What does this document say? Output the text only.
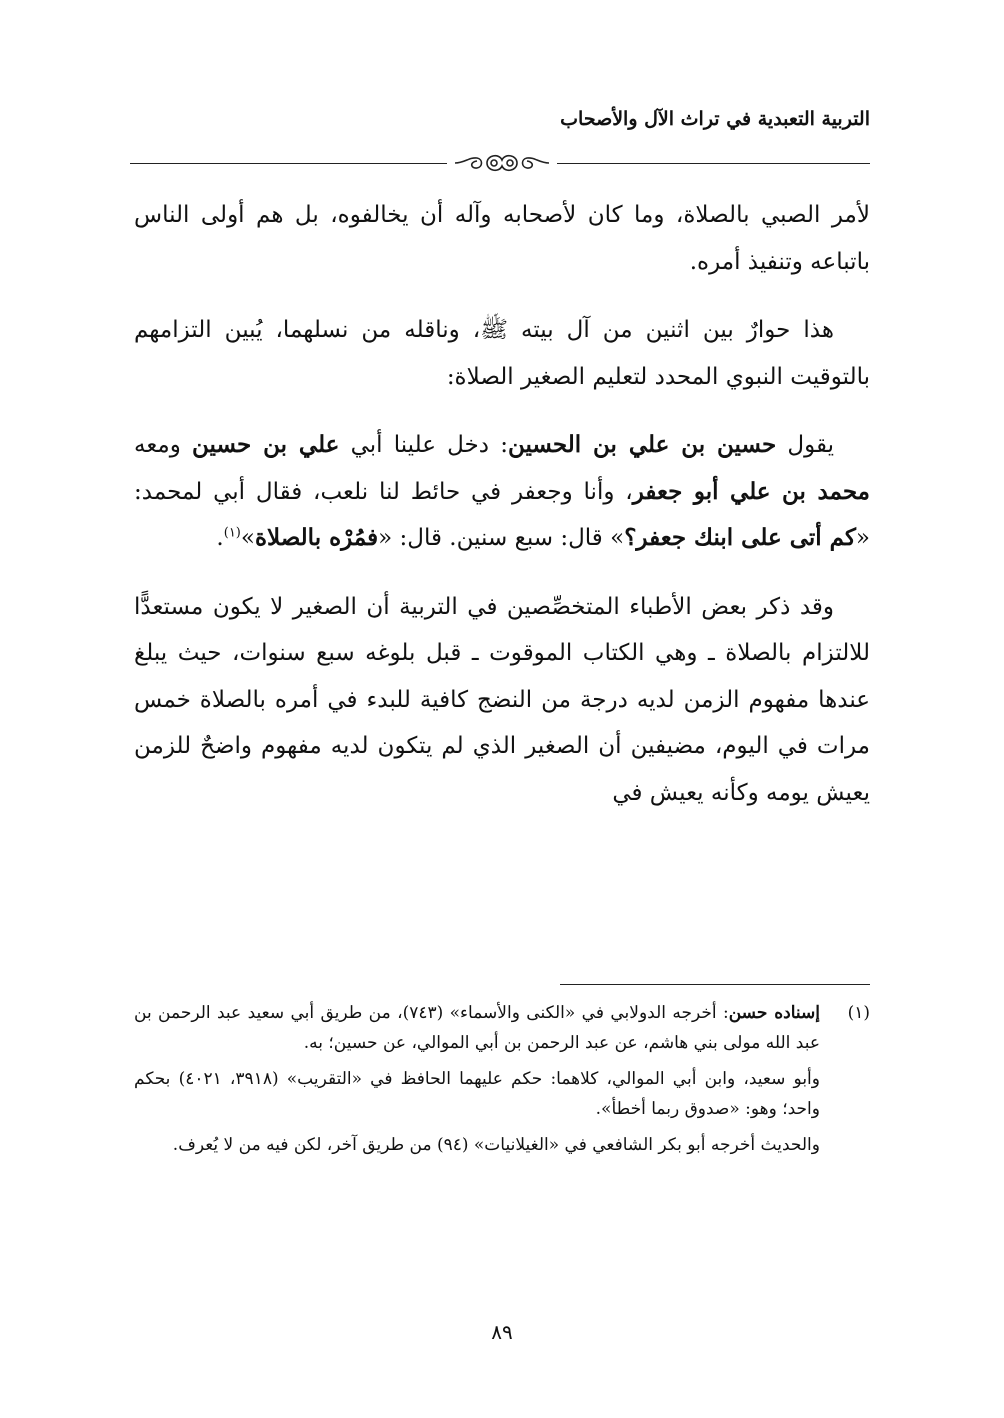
التربية التعبدية في تراث الآل والأصحاب

لأمر الصبي بالصلاة، وما كان لأصحابه وآله أن يخالفوه، بل هم أولى الناس باتباعه وتنفيذ أمره.

هذا حوارٌ بين اثنين من آل بيته ﷺ، وناقله من نسلهما، يُبين التزامهم بالتوقيت النبوي المحدد لتعليم الصغير الصلاة:

يقول حسين بن علي بن الحسين: دخل علينا أبي علي بن حسين ومعه محمد بن علي أبو جعفر، وأنا وجعفر في حائط لنا نلعب، فقال أبي لمحمد: «كم أتى على ابنك جعفر؟» قال: سبع سنين. قال: «فمُرْه بالصلاة»$^{(١)}$.

وقد ذكر بعض الأطباء المتخصِّصين في التربية أن الصغير لا يكون مستعدًّا للالتزام بالصلاة ـ وهي الكتاب الموقوت ـ قبل بلوغه سبع سنوات، حيث يبلغ عندها مفهوم الزمن لديه درجة من النضج كافية للبدء في أمره بالصلاة خمس مرات في اليوم، مضيفين أن الصغير الذي لم يتكون لديه مفهوم واضحٌ للزمن يعيش يومه وكأنه يعيش في

(١)

إسناده حسن: أخرجه الدولابي في «الكنى والأسماء» (٧٤٣)، من طريق أبي سعيد عبد الرحمن بن عبد الله مولى بني هاشم، عن عبد الرحمن بن أبي الموالي، عن حسين؛ به.

وأبو سعيد، وابن أبي الموالي، كلاهما: حكم عليهما الحافظ في «التقريب» (٣٩١٨، ٤٠٢١) بحكم واحد؛ وهو: «صدوق ربما أخطأ».

والحديث أخرجه أبو بكر الشافعي في «الغيلانيات» (٩٤) من طريق آخر، لكن فيه من لا يُعرف.

٨٩
